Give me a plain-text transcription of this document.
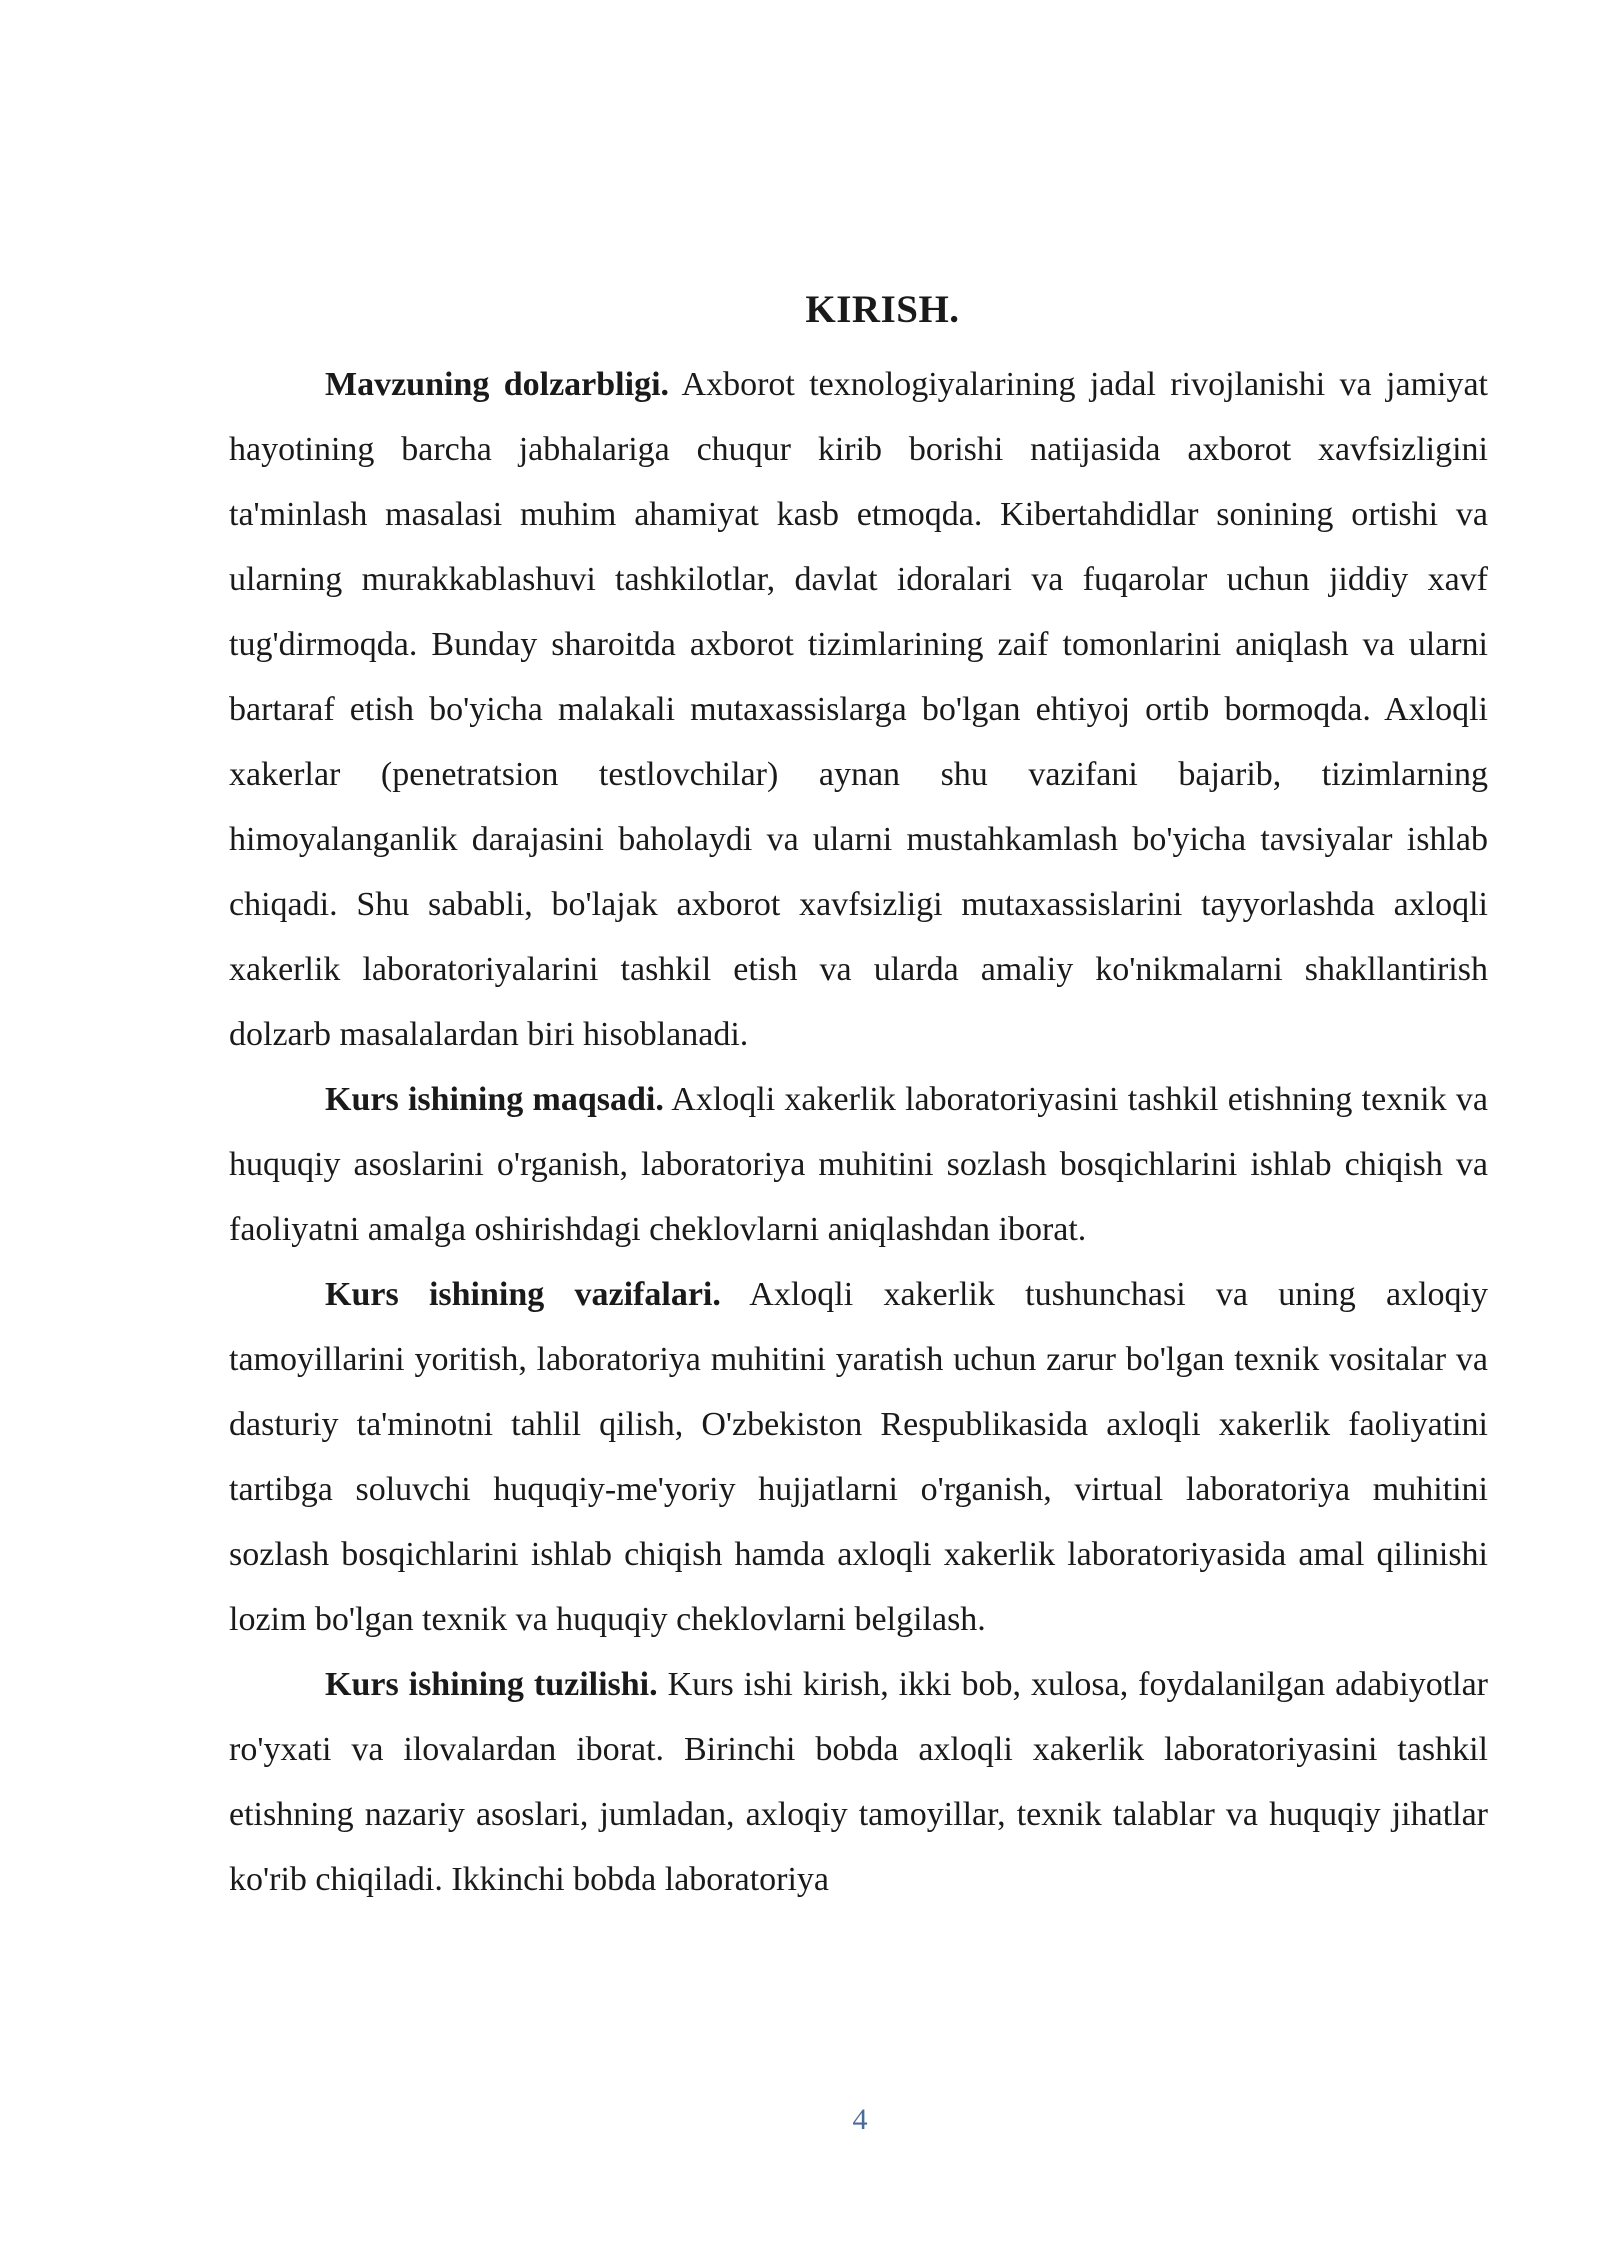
KIRISH.

Mavzuning dolzarbligi. Axborot texnologiyalarining jadal rivojlanishi va jamiyat hayotining barcha jabhalariga chuqur kirib borishi natijasida axborot xavfsizligini ta'minlash masalasi muhim ahamiyat kasb etmoqda. Kibertahdidlar sonining ortishi va ularning murakkablashuvi tashkilotlar, davlat idoralari va fuqarolar uchun jiddiy xavf tug'dirmoqda. Bunday sharoitda axborot tizimlarining zaif tomonlarini aniqlash va ularni bartaraf etish bo'yicha malakali mutaxassislarga bo'lgan ehtiyoj ortib bormoqda. Axloqli xakerlar (penetratsion testlovchilar) aynan shu vazifani bajarib, tizimlarning himoyalanganlik darajasini baholaydi va ularni mustahkamlash bo'yicha tavsiyalar ishlab chiqadi. Shu sababli, bo'lajak axborot xavfsizligi mutaxassislarini tayyorlashda axloqli xakerlik laboratoriyalarini tashkil etish va ularda amaliy ko'nikmalarni shakllantirish dolzarb masalalardan biri hisoblanadi.

Kurs ishining maqsadi. Axloqli xakerlik laboratoriyasini tashkil etishning texnik va huquqiy asoslarini o'rganish, laboratoriya muhitini sozlash bosqichlarini ishlab chiqish va faoliyatni amalga oshirishdagi cheklovlarni aniqlashdan iborat.

Kurs ishining vazifalari. Axloqli xakerlik tushunchasi va uning axloqiy tamoyillarini yoritish, laboratoriya muhitini yaratish uchun zarur bo'lgan texnik vositalar va dasturiy ta'minotni tahlil qilish, O'zbekiston Respublikasida axloqli xakerlik faoliyatini tartibga soluvchi huquqiy-me'yoriy hujjatlarni o'rganish, virtual laboratoriya muhitini sozlash bosqichlarini ishlab chiqish hamda axloqli xakerlik laboratoriyasida amal qilinishi lozim bo'lgan texnik va huquqiy cheklovlarni belgilash.

Kurs ishining tuzilishi. Kurs ishi kirish, ikki bob, xulosa, foydalanilgan adabiyotlar ro'yxati va ilovalardan iborat. Birinchi bobda axloqli xakerlik laboratoriyasini tashkil etishning nazariy asoslari, jumladan, axloqiy tamoyillar, texnik talablar va huquqiy jihatlar ko'rib chiqiladi. Ikkinchi bobda laboratoriya

4
